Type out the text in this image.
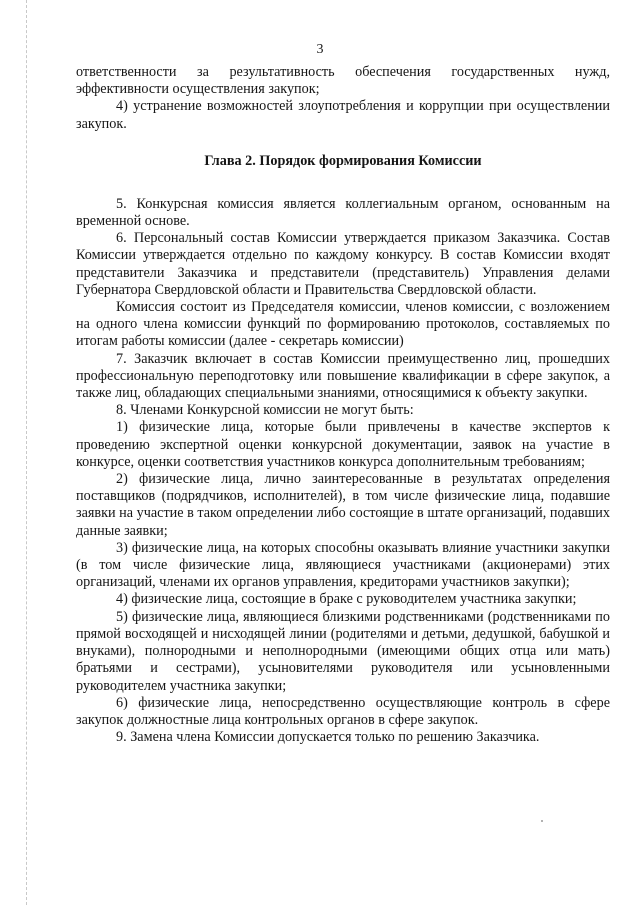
3

ответственности за результативность обеспечения государственных нужд, эффективности осуществления закупок;

4) устранение возможностей злоупотребления и коррупции при осуществлении закупок.

Глава 2. Порядок формирования Комиссии

5. Конкурсная комиссия является коллегиальным органом, основанным на временной основе.

6. Персональный состав Комиссии утверждается приказом Заказчика. Состав Комиссии утверждается отдельно по каждому конкурсу. В состав Комиссии входят представители Заказчика и представители (представитель) Управления делами Губернатора Свердловской области и Правительства Свердловской области.

Комиссия состоит из Председателя комиссии, членов комиссии, с возложением на одного члена комиссии функций по формированию протоколов, составляемых по итогам работы комиссии (далее - секретарь комиссии)

7. Заказчик включает в состав Комиссии преимущественно лиц, прошедших профессиональную переподготовку или повышение квалификации в сфере закупок, а также лиц, обладающих специальными знаниями, относящимися к объекту закупки.

8. Членами Конкурсной комиссии не могут быть:

1) физические лица, которые были привлечены в качестве экспертов к проведению экспертной оценки конкурсной документации, заявок на участие в конкурсе, оценки соответствия участников конкурса дополнительным требованиям;

2) физические лица, лично заинтересованные в результатах определения поставщиков (подрядчиков, исполнителей), в том числе физические лица, подавшие заявки на участие в таком определении либо состоящие в штате организаций, подавших данные заявки;

3) физические лица, на которых способны оказывать влияние участники закупки (в том числе физические лица, являющиеся участниками (акционерами) этих организаций, членами их органов управления, кредиторами участников закупки);

4) физические лица, состоящие в браке с руководителем участника закупки;

5) физические лица, являющиеся близкими родственниками (родственниками по прямой восходящей и нисходящей линии (родителями и детьми, дедушкой, бабушкой и внуками), полнородными и неполнородными (имеющими общих отца или мать) братьями и сестрами), усыновителями руководителя или усыновленными руководителем участника закупки;

6) физические лица, непосредственно осуществляющие контроль в сфере закупок должностные лица контрольных органов в сфере закупок.

9. Замена члена Комиссии допускается только по решению Заказчика.
